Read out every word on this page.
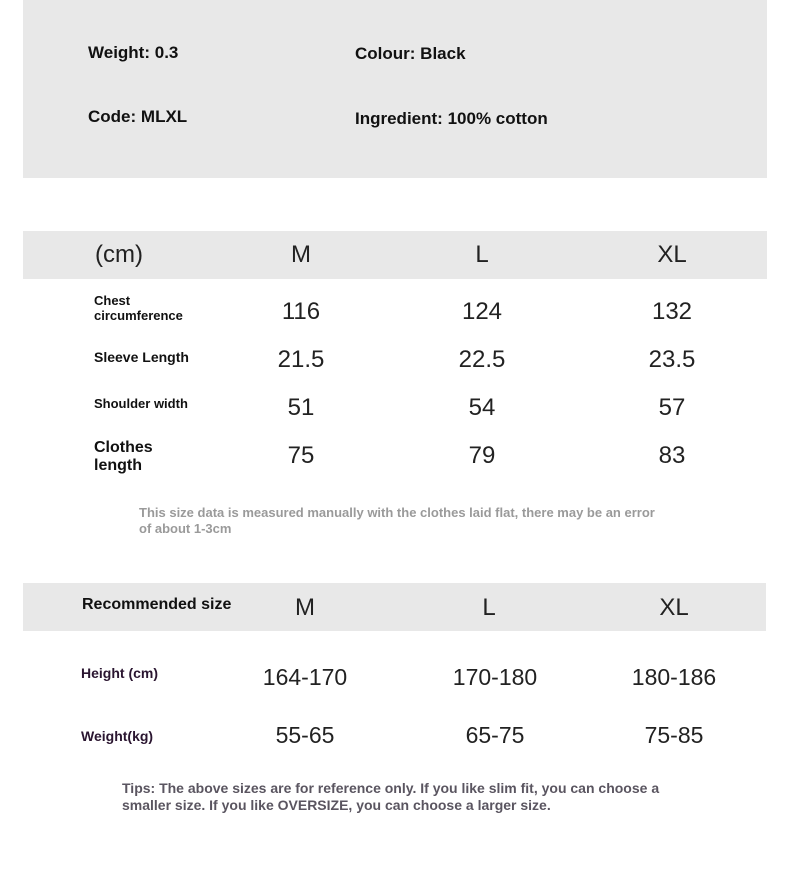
Weight: 0.3	Colour: Black
Code: MLXL	Ingredient: 100% cotton
(cm)	M	L	XL
Chest circumference	116	124	132
Sleeve Length	21.5	22.5	23.5
Shoulder width	51	54	57
Clothes length	75	79	83
This size data is measured manually with the clothes laid flat, there may be an error of about 1-3cm
Recommended size	M	L	XL
Height (cm)	164-170	170-180	180-186
Weight(kg)	55-65	65-75	75-85
Tips: The above sizes are for reference only. If you like slim fit, you can choose a smaller size. If you like OVERSIZE, you can choose a larger size.
